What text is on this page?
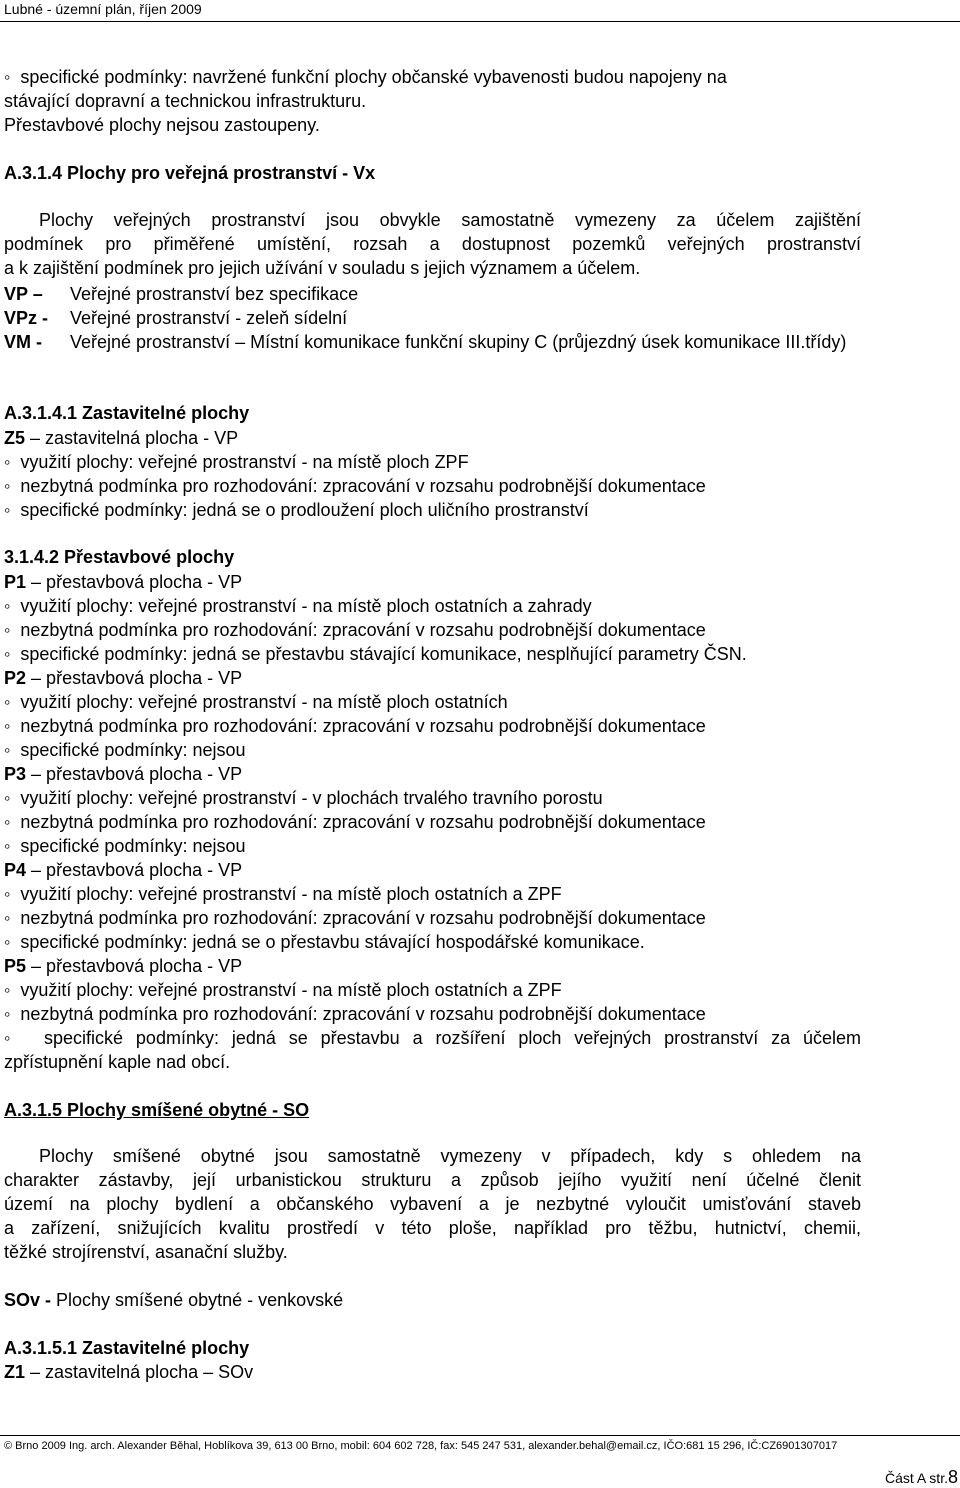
Lubné - územní plán, říjen 2009
◦  specifické podmínky: navržené funkční plochy občanské vybavenosti budou napojeny na
stávající dopravní a technickou infrastrukturu.
Přestavbové plochy nejsou zastoupeny.
A.3.1.4 Plochy pro veřejná prostranství - Vx
Plochy veřejných prostranství jsou obvykle samostatně vymezeny za účelem zajištění
podmínek pro přiměřené umístění, rozsah a dostupnost pozemků veřejných prostranství
a k zajištění podmínek pro jejich užívání v souladu s jejich významem a účelem.
VP – Veřejné prostranství bez specifikace
VPz - Veřejné prostranství - zeleň sídelní
VM - Veřejné prostranství – Místní komunikace funkční skupiny C (průjezdný úsek komunikace III.třídy)
A.3.1.4.1 Zastavitelné plochy
Z5 – zastavitelná plocha - VP
◦  využití plochy: veřejné prostranství - na místě ploch ZPF
◦  nezbytná podmínka pro rozhodování: zpracování v rozsahu podrobnější dokumentace
◦  specifické podmínky: jedná se o prodloužení ploch uličního prostranství
3.1.4.2 Přestavbové plochy
P1 – přestavbová plocha - VP
◦  využití plochy: veřejné prostranství - na místě ploch ostatních a zahrady
◦  nezbytná podmínka pro rozhodování: zpracování v rozsahu podrobnější dokumentace
◦  specifické podmínky: jedná se přestavbu stávající komunikace, nesplňující parametry ČSN.
P2 – přestavbová plocha - VP
◦  využití plochy: veřejné prostranství - na místě ploch ostatních
◦  nezbytná podmínka pro rozhodování: zpracování v rozsahu podrobnější dokumentace
◦  specifické podmínky: nejsou
P3 – přestavbová plocha - VP
◦  využití plochy: veřejné prostranství - v plochách trvalého travního porostu
◦  nezbytná podmínka pro rozhodování: zpracování v rozsahu podrobnější dokumentace
◦  specifické podmínky: nejsou
P4 – přestavbová plocha - VP
◦  využití plochy: veřejné prostranství - na místě ploch ostatních a ZPF
◦  nezbytná podmínka pro rozhodování: zpracování v rozsahu podrobnější dokumentace
◦  specifické podmínky: jedná se o přestavbu stávající hospodářské komunikace.
P5 – přestavbová plocha - VP
◦  využití plochy: veřejné prostranství - na místě ploch ostatních a ZPF
◦  nezbytná podmínka pro rozhodování: zpracování v rozsahu podrobnější dokumentace
◦  specifické podmínky: jedná se přestavbu a rozšíření ploch veřejných prostranství za účelem
zpřístupnění kaple nad obcí.
A.3.1.5 Plochy smíšené obytné - SO
Plochy smíšené obytné jsou samostatně vymezeny v případech, kdy s ohledem na
charakter zástavby, její urbanistickou strukturu a způsob jejího využití není účelné členit
území na plochy bydlení a občanského vybavení a je nezbytné vyloučit umisťování staveb
a zařízení, snižujících kvalitu prostředí v této ploše, například pro těžbu, hutnictví, chemii,
těžké strojírenství, asanační služby.
SOv - Plochy smíšené obytné - venkovské
A.3.1.5.1 Zastavitelné plochy
Z1 – zastavitelná plocha – SOv
© Brno 2009 Ing. arch. Alexander Běhal, Hoblíkova 39, 613 00 Brno, mobil: 604 602 728, fax: 545 247 531, alexander.behal@email.cz, IČO:681 15 296, IČ:CZ6901307017
Část A str.8
